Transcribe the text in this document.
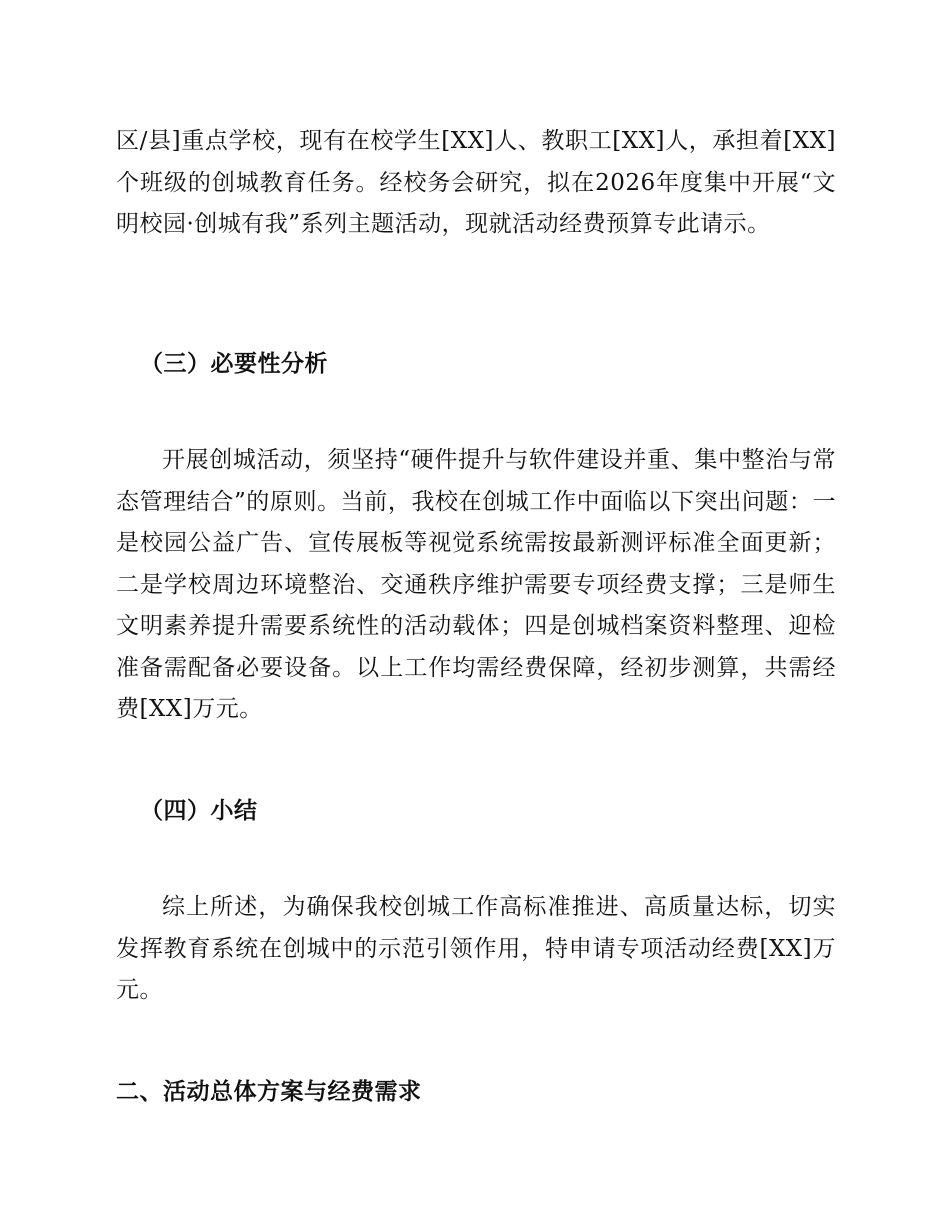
区/县]重点学校，现有在校学生[XX]人、教职工[XX]人，承担着[XX]个班级的创城教育任务。经校务会研究，拟在2026年度集中开展“文明校园·创城有我”系列主题活动，现就活动经费预算专此请示。

（三）必要性分析

开展创城活动，须坚持“硬件提升与软件建设并重、集中整治与常态管理结合”的原则。当前，我校在创城工作中面临以下突出问题：一是校园公益广告、宣传展板等视觉系统需按最新测评标准全面更新；二是学校周边环境整治、交通秩序维护需要专项经费支撑；三是师生文明素养提升需要系统性的活动载体；四是创城档案资料整理、迎检准备需配备必要设备。以上工作均需经费保障，经初步测算，共需经费[XX]万元。

（四）小结

综上所述，为确保我校创城工作高标准推进、高质量达标，切实发挥教育系统在创城中的示范引领作用，特申请专项活动经费[XX]万元。

二、活动总体方案与经费需求
